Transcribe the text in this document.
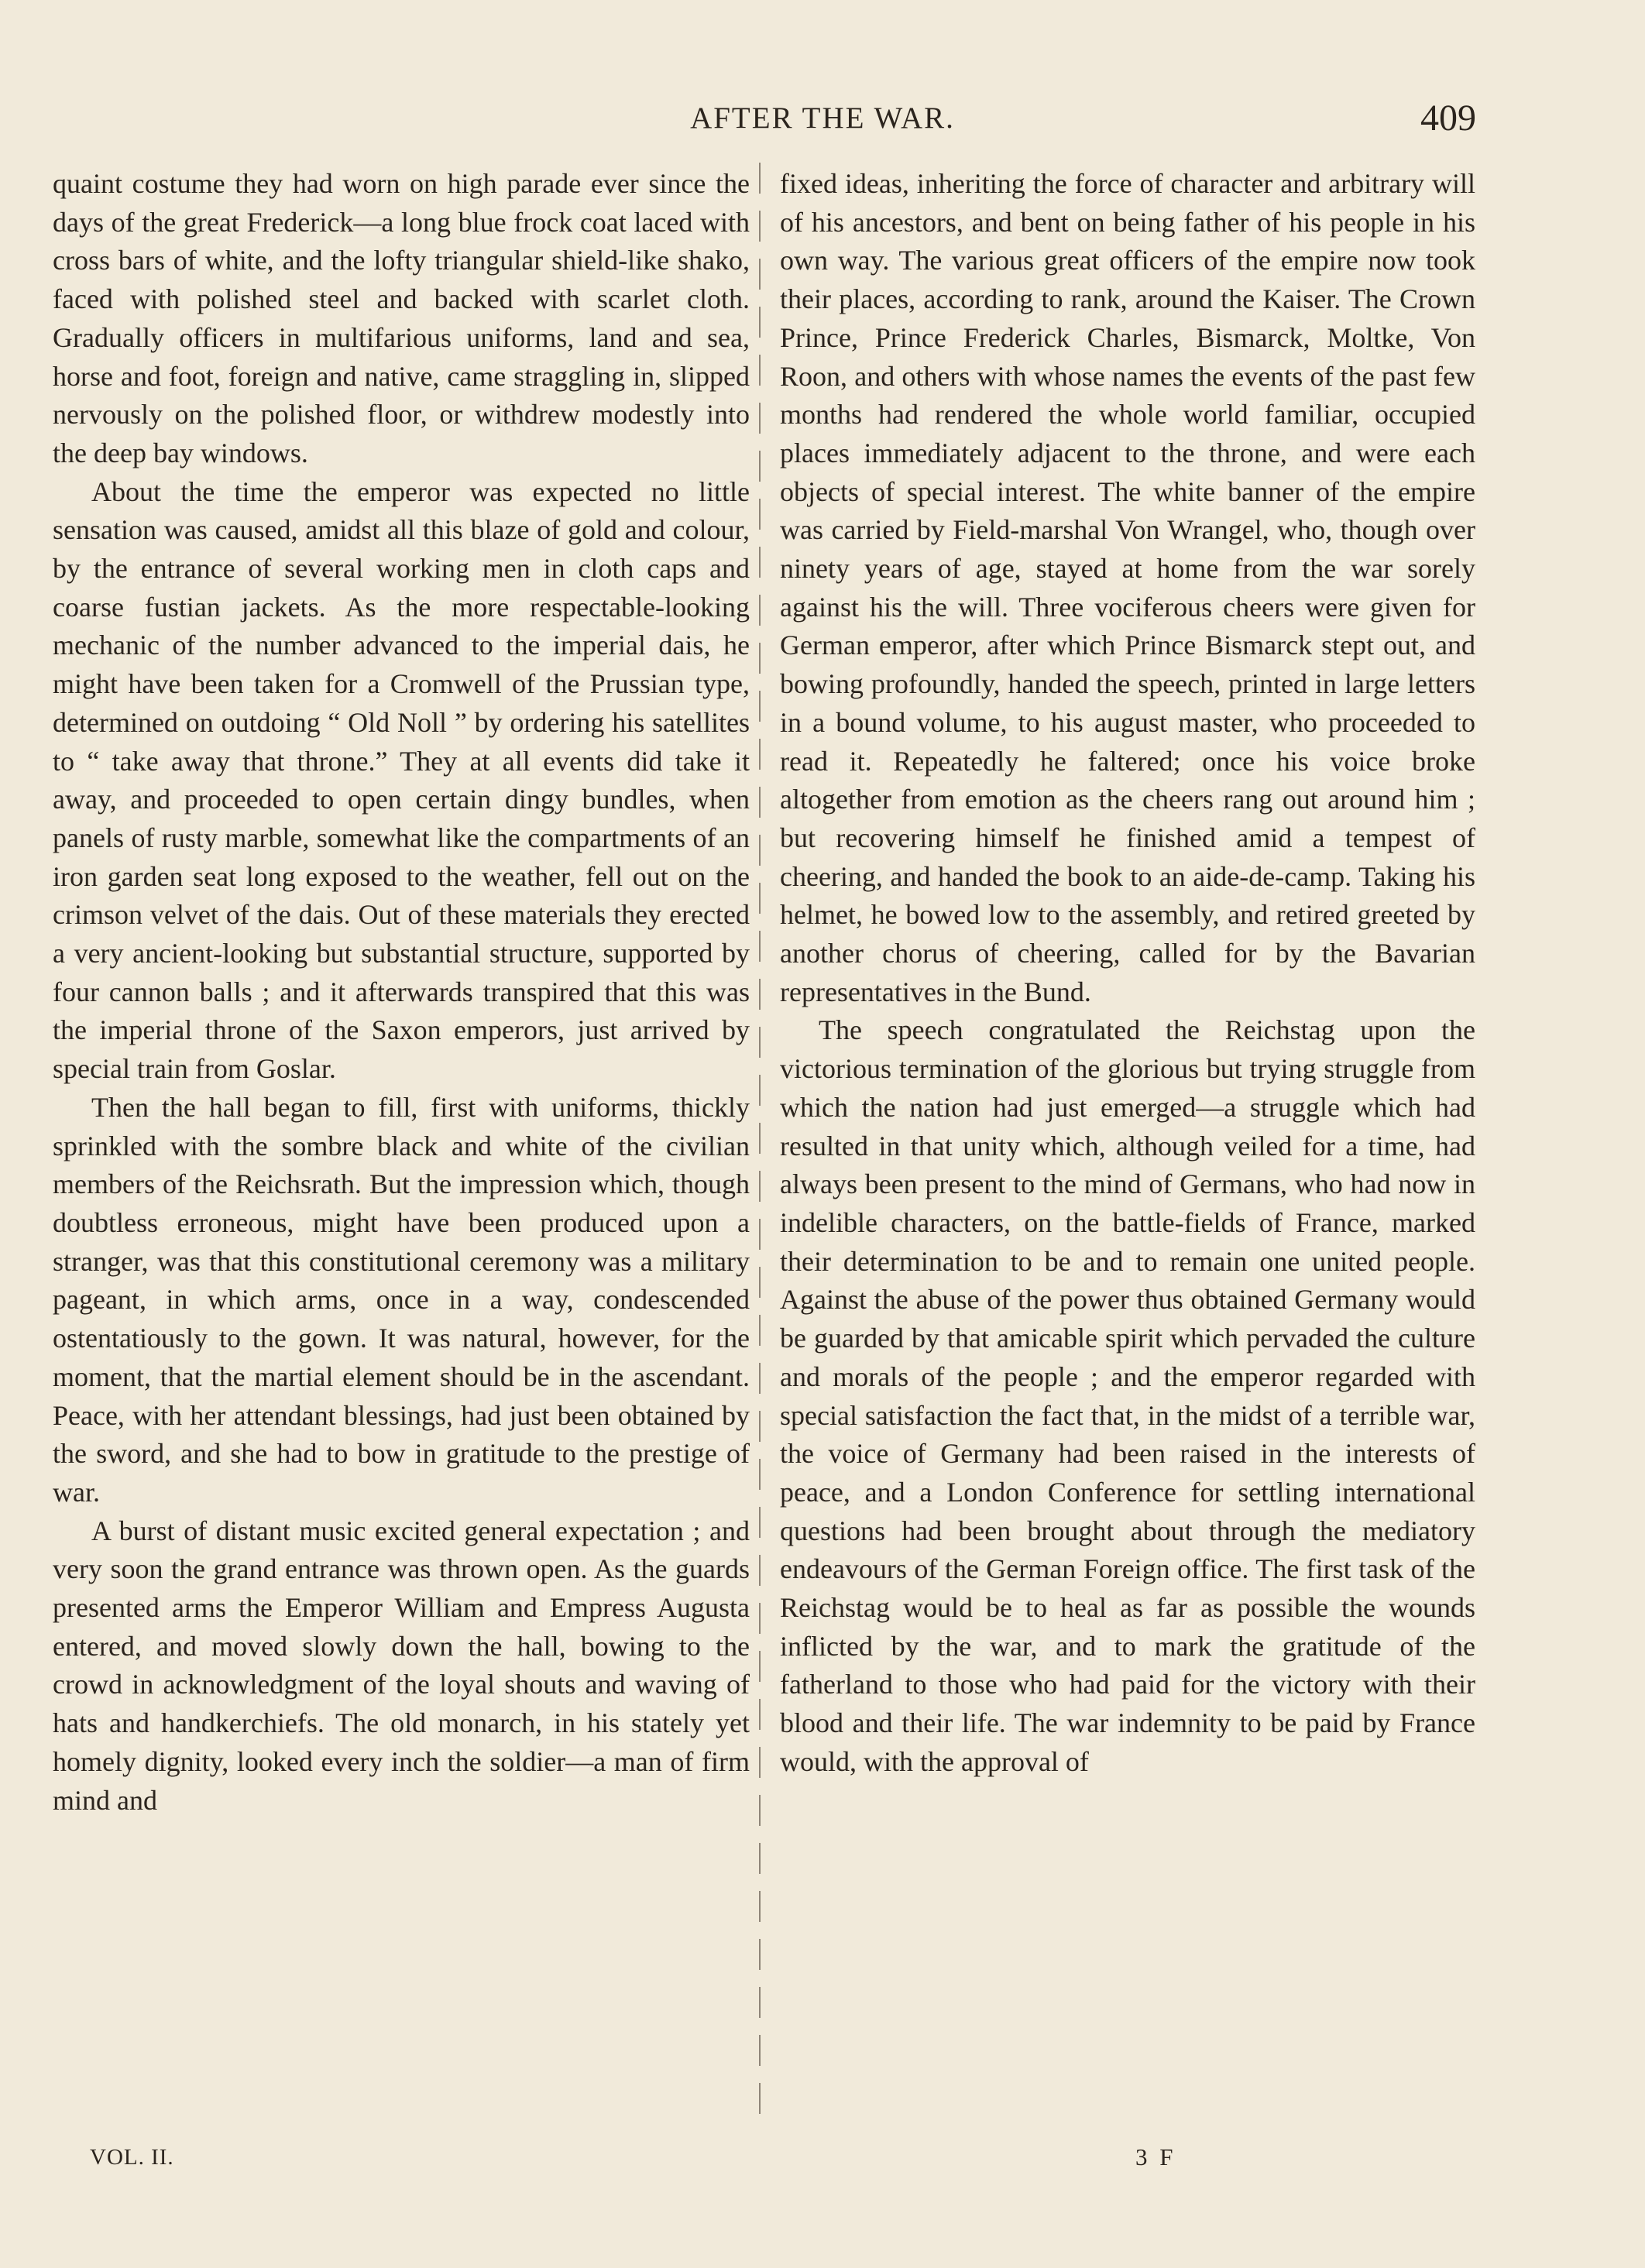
AFTER THE WAR.	409

quaint costume they had worn on high parade ever since the days of the great Frederick—a long blue frock coat laced with cross bars of white, and the lofty triangular shield-like shako, faced with polished steel and backed with scarlet cloth. Gradually officers in multifarious uniforms, land and sea, horse and foot, foreign and native, came straggling in, slipped nervously on the polished floor, or withdrew modestly into the deep bay windows.

About the time the emperor was expected no little sensation was caused, amidst all this blaze of gold and colour, by the entrance of several working men in cloth caps and coarse fustian jackets. As the more respectable-looking mechanic of the number advanced to the imperial dais, he might have been taken for a Cromwell of the Prussian type, determined on outdoing “ Old Noll ” by ordering his satellites to “ take away that throne.” They at all events did take it away, and proceeded to open certain dingy bundles, when panels of rusty marble, somewhat like the compartments of an iron garden seat long exposed to the weather, fell out on the crimson velvet of the dais. Out of these materials they erected a very ancient-looking but substantial structure, supported by four cannon balls ; and it afterwards transpired that this was the imperial throne of the Saxon emperors, just arrived by special train from Goslar.

Then the hall began to fill, first with uniforms, thickly sprinkled with the sombre black and white of the civilian members of the Reichsrath. But the impression which, though doubtless erroneous, might have been produced upon a stranger, was that this constitutional ceremony was a military pageant, in which arms, once in a way, condescended ostentatiously to the gown. It was natural, however, for the moment, that the martial element should be in the ascendant. Peace, with her attendant blessings, had just been obtained by the sword, and she had to bow in gratitude to the prestige of war.

A burst of distant music excited general expectation ; and very soon the grand entrance was thrown open. As the guards presented arms the Emperor William and Empress Augusta entered, and moved slowly down the hall, bowing to the crowd in acknowledgment of the loyal shouts and waving of hats and handkerchiefs. The old monarch, in his stately yet homely dignity, looked every inch the soldier—a man of firm mind and

fixed ideas, inheriting the force of character and arbitrary will of his ancestors, and bent on being father of his people in his own way. The various great officers of the empire now took their places, according to rank, around the Kaiser. The Crown Prince, Prince Frederick Charles, Bismarck, Moltke, Von Roon, and others with whose names the events of the past few months had rendered the whole world familiar, occupied places immediately adjacent to the throne, and were each objects of special interest. The white banner of the empire was carried by Field-marshal Von Wrangel, who, though over ninety years of age, stayed at home from the war sorely against his the will. Three vociferous cheers were given for German emperor, after which Prince Bismarck stept out, and bowing profoundly, handed the speech, printed in large letters in a bound volume, to his august master, who proceeded to read it. Repeatedly he faltered; once his voice broke altogether from emotion as the cheers rang out around him ; but recovering himself he finished amid a tempest of cheering, and handed the book to an aide-de-camp. Taking his helmet, he bowed low to the assembly, and retired greeted by another chorus of cheering, called for by the Bavarian representatives in the Bund.

The speech congratulated the Reichstag upon the victorious termination of the glorious but trying struggle from which the nation had just emerged—a struggle which had resulted in that unity which, although veiled for a time, had always been present to the mind of Germans, who had now in indelible characters, on the battle-fields of France, marked their determination to be and to remain one united people. Against the abuse of the power thus obtained Germany would be guarded by that amicable spirit which pervaded the culture and morals of the people ; and the emperor regarded with special satisfaction the fact that, in the midst of a terrible war, the voice of Germany had been raised in the interests of peace, and a London Conference for settling international questions had been brought about through the mediatory endeavours of the German Foreign office. The first task of the Reichstag would be to heal as far as possible the wounds inflicted by the war, and to mark the gratitude of the fatherland to those who had paid for the victory with their blood and their life. The war indemnity to be paid by France would, with the approval of

VOL. II.	3 F
